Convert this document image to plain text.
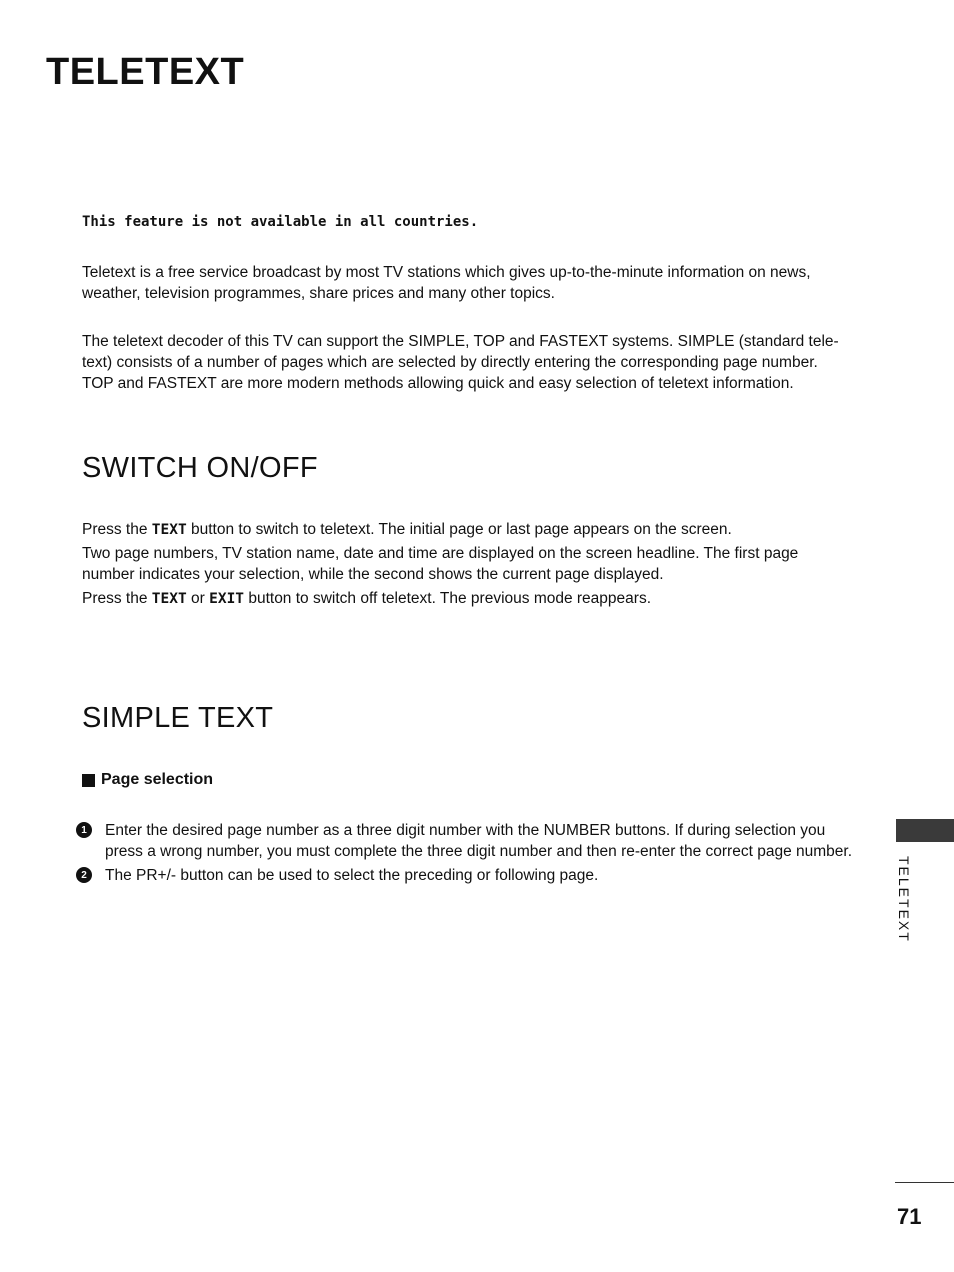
TELETEXT

This feature is not available in all countries.

Teletext is a free service broadcast by most TV stations which gives up-to-the-minute information on news, weather, television programmes, share prices and many other topics.

The teletext decoder of this TV can support the SIMPLE, TOP and FASTEXT systems. SIMPLE (standard tele-text) consists of a number of pages which are selected by directly entering the corresponding page number. TOP and FASTEXT are more modern methods allowing quick and easy selection of teletext information.

SWITCH ON/OFF

Press the TEXT button to switch to teletext. The initial page or last page appears on the screen.

Two page numbers, TV station name, date and time are displayed on the screen headline. The first page number indicates your selection, while the second shows the current page displayed.

Press the TEXT or EXIT button to switch off teletext. The previous mode reappears.

SIMPLE TEXT
Page selection
1	Enter the desired page number as a three digit number with the NUMBER buttons. If during selection you press a wrong number, you must complete the three digit number and then re-enter the correct page number.
2	The PR+/- button can be used to select the preceding or following page.	TELETEXT

71
